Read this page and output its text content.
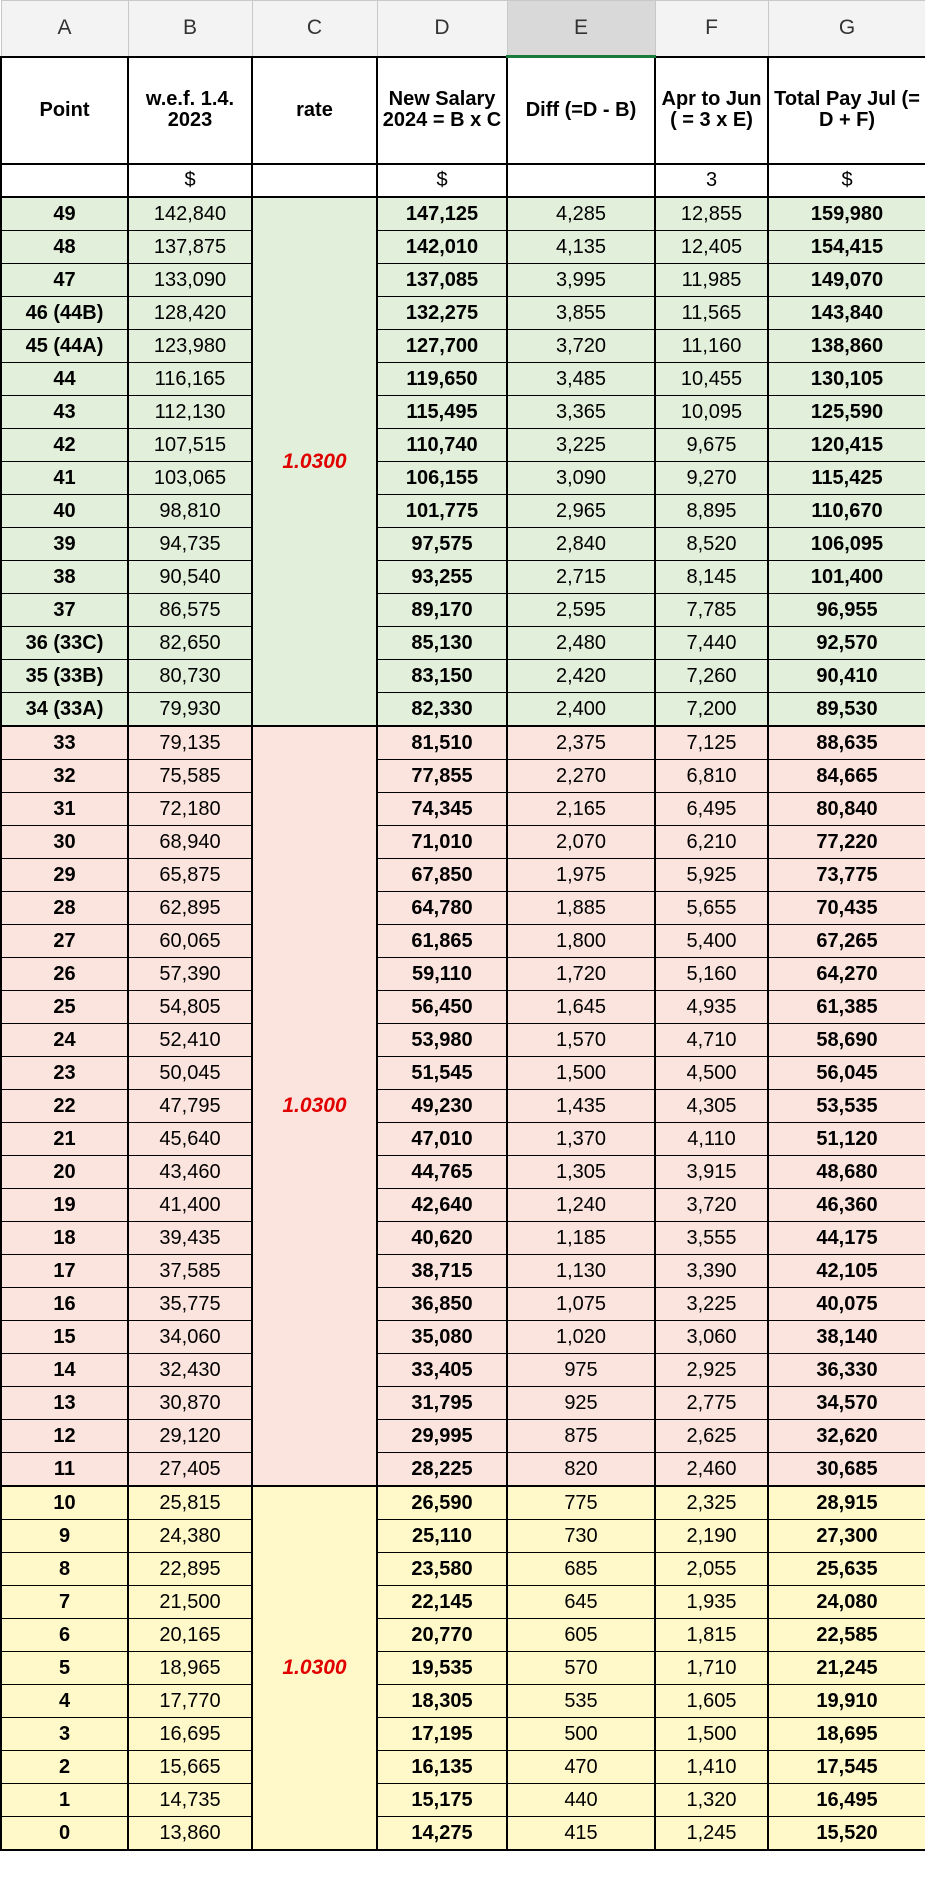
A	B	C	D	E	F	G
Point	w.e.f. 1.4. 2023	rate	New Salary 2024 = B x C	Diff (=D - B)	Apr to Jun ( = 3 x E)	Total Pay Jul (= D + F)
	$		$		3	$
49	142,840	1.0300	147,125	4,285	12,855	159,980
48	137,875		142,010	4,135	12,405	154,415
47	133,090		137,085	3,995	11,985	149,070
46 (44B)	128,420		132,275	3,855	11,565	143,840
45 (44A)	123,980		127,700	3,720	11,160	138,860
44	116,165		119,650	3,485	10,455	130,105
43	112,130		115,495	3,365	10,095	125,590
42	107,515		110,740	3,225	9,675	120,415
41	103,065		106,155	3,090	9,270	115,425
40	98,810		101,775	2,965	8,895	110,670
39	94,735		97,575	2,840	8,520	106,095
38	90,540		93,255	2,715	8,145	101,400
37	86,575		89,170	2,595	7,785	96,955
36 (33C)	82,650		85,130	2,480	7,440	92,570
35 (33B)	80,730		83,150	2,420	7,260	90,410
34 (33A)	79,930		82,330	2,400	7,200	89,530
33	79,135	1.0300	81,510	2,375	7,125	88,635
32	75,585		77,855	2,270	6,810	84,665
31	72,180		74,345	2,165	6,495	80,840
30	68,940		71,010	2,070	6,210	77,220
29	65,875		67,850	1,975	5,925	73,775
28	62,895		64,780	1,885	5,655	70,435
27	60,065		61,865	1,800	5,400	67,265
26	57,390		59,110	1,720	5,160	64,270
25	54,805		56,450	1,645	4,935	61,385
24	52,410		53,980	1,570	4,710	58,690
23	50,045		51,545	1,500	4,500	56,045
22	47,795		49,230	1,435	4,305	53,535
21	45,640		47,010	1,370	4,110	51,120
20	43,460		44,765	1,305	3,915	48,680
19	41,400		42,640	1,240	3,720	46,360
18	39,435		40,620	1,185	3,555	44,175
17	37,585		38,715	1,130	3,390	42,105
16	35,775		36,850	1,075	3,225	40,075
15	34,060		35,080	1,020	3,060	38,140
14	32,430		33,405	975	2,925	36,330
13	30,870		31,795	925	2,775	34,570
12	29,120		29,995	875	2,625	32,620
11	27,405		28,225	820	2,460	30,685
10	25,815	1.0300	26,590	775	2,325	28,915
9	24,380		25,110	730	2,190	27,300
8	22,895		23,580	685	2,055	25,635
7	21,500		22,145	645	1,935	24,080
6	20,165		20,770	605	1,815	22,585
5	18,965		19,535	570	1,710	21,245
4	17,770		18,305	535	1,605	19,910
3	16,695		17,195	500	1,500	18,695
2	15,665		16,135	470	1,410	17,545
1	14,735		15,175	440	1,320	16,495
0	13,860		14,275	415	1,245	15,520
